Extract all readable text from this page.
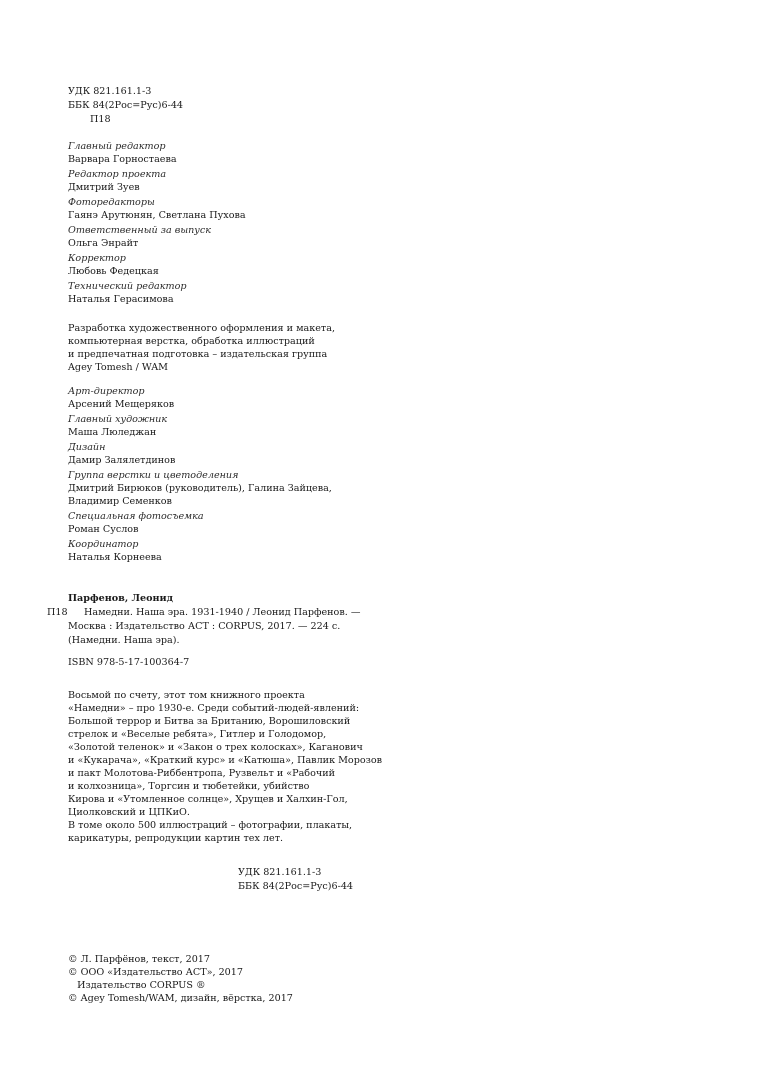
УДК 821.161.1-3
ББК 84(2Рос=Рус)6-44
П18
Главный редактор
Варвара Горностаева
Редактор проекта
Дмитрий Зуев
Фоторедакторы
Гаянэ Арутюнян, Светлана Пухова
Ответственный за выпуск
Ольга Энрайт
Корректор
Любовь Федецкая
Технический редактор
Наталья Герасимова
Разработка художественного оформления и макета,
компьютерная верстка, обработка иллюстраций
и предпечатная подготовка – издательская группа
Agey Tomesh / WAM
Арт-директор
Арсений Мещеряков
Главный художник
Маша Люледжан
Дизайн
Дамир Залялетдинов
Группа верстки и цветоделения
Дмитрий Бирюков (руководитель), Галина Зайцева,
Владимир Семенков
Специальная фотосъемка
Роман Суслов
Координатор
Наталья Корнеева
Парфенов, Леонид
П18 Намедни. Наша эра. 1931-1940 / Леонид Парфенов. —
Москва : Издательство АСТ : CORPUS, 2017. — 224 с.
(Намедни. Наша эра).
ISBN 978-5-17-100364-7
Восьмой по счету, этот том книжного проекта
«Намедни» – про 1930-е. Среди событий-людей-явлений:
Большой террор и Битва за Британию, Ворошиловский
стрелок и «Веселые ребята», Гитлер и Голодомор,
«Золотой теленок» и «Закон о трех колосках», Каганович
и «Кукарача», «Краткий курс» и «Катюша», Павлик Морозов
и пакт Молотова-Риббентропа, Рузвельт и «Рабочий
и колхозница», Торгсин и тюбетейки, убийство
Кирова и «Утомленное солнце», Хрущев и Халхин-Гол,
Циолковский и ЦПКиО.
В томе около 500 иллюстраций – фотографии, плакаты,
карикатуры, репродукции картин тех лет.
УДК 821.161.1-3
ББК 84(2Рос=Рус)6-44
© Л. Парфёнов, текст, 2017
© ООО «Издательство АСТ», 2017
Издательство CORPUS ®
© Agey Tomesh/WAM, дизайн, вёрстка, 2017
